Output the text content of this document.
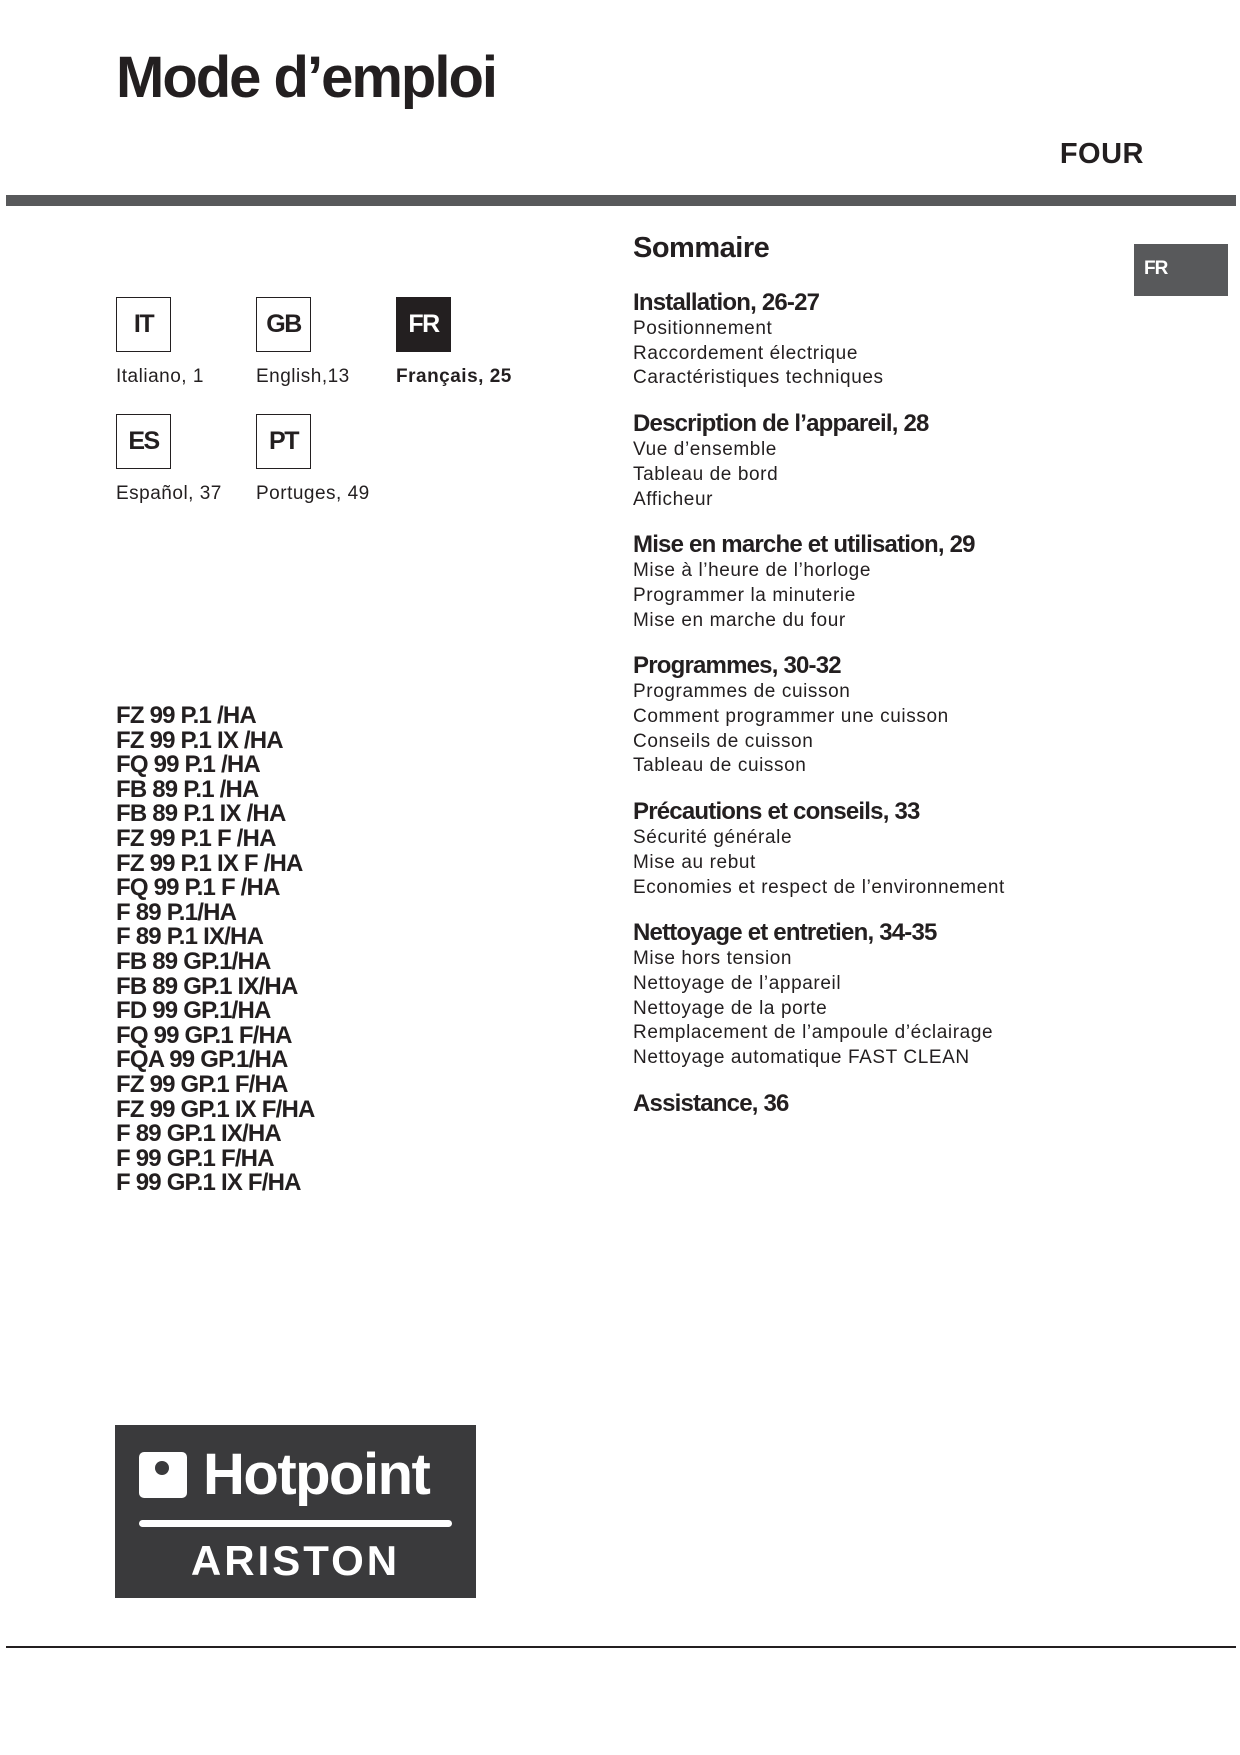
Mode d’emploi
FOUR
FR
IT
Italiano, 1
GB
English,13
FR
Français, 25
ES
Español, 37
PT
Portuges, 49
FZ 99 P.1 /HA
FZ 99 P.1 IX /HA
FQ 99 P.1 /HA
FB 89 P.1 /HA
FB 89 P.1 IX /HA
FZ 99 P.1 F /HA
FZ 99 P.1 IX F /HA
FQ 99 P.1 F /HA
F 89 P.1/HA
F 89 P.1 IX/HA
FB 89 GP.1/HA
FB 89 GP.1 IX/HA
FD 99 GP.1/HA
FQ 99 GP.1 F/HA
FQA 99 GP.1/HA
FZ 99 GP.1 F/HA
FZ 99 GP.1 IX F/HA
F 89 GP.1 IX/HA
F 99 GP.1 F/HA
F 99 GP.1 IX F/HA
Sommaire
Installation, 26-27
Positionnement
Raccordement électrique
Caractéristiques techniques
Description de l’appareil, 28
Vue d’ensemble
Tableau de bord
Afficheur
Mise en marche et utilisation, 29
Mise à l’heure de l’horloge
Programmer la minuterie
Mise en marche du four
Programmes, 30-32
Programmes de cuisson
Comment programmer une cuisson
Conseils de cuisson
Tableau de cuisson
Précautions et conseils, 33
Sécurité générale
Mise au rebut
Economies et respect de l’environnement
Nettoyage et entretien, 34-35
Mise hors tension
Nettoyage de l’appareil
Nettoyage de la porte
Remplacement de l’ampoule d’éclairage
Nettoyage automatique FAST CLEAN
Assistance, 36
Hotpoint
ARISTON
